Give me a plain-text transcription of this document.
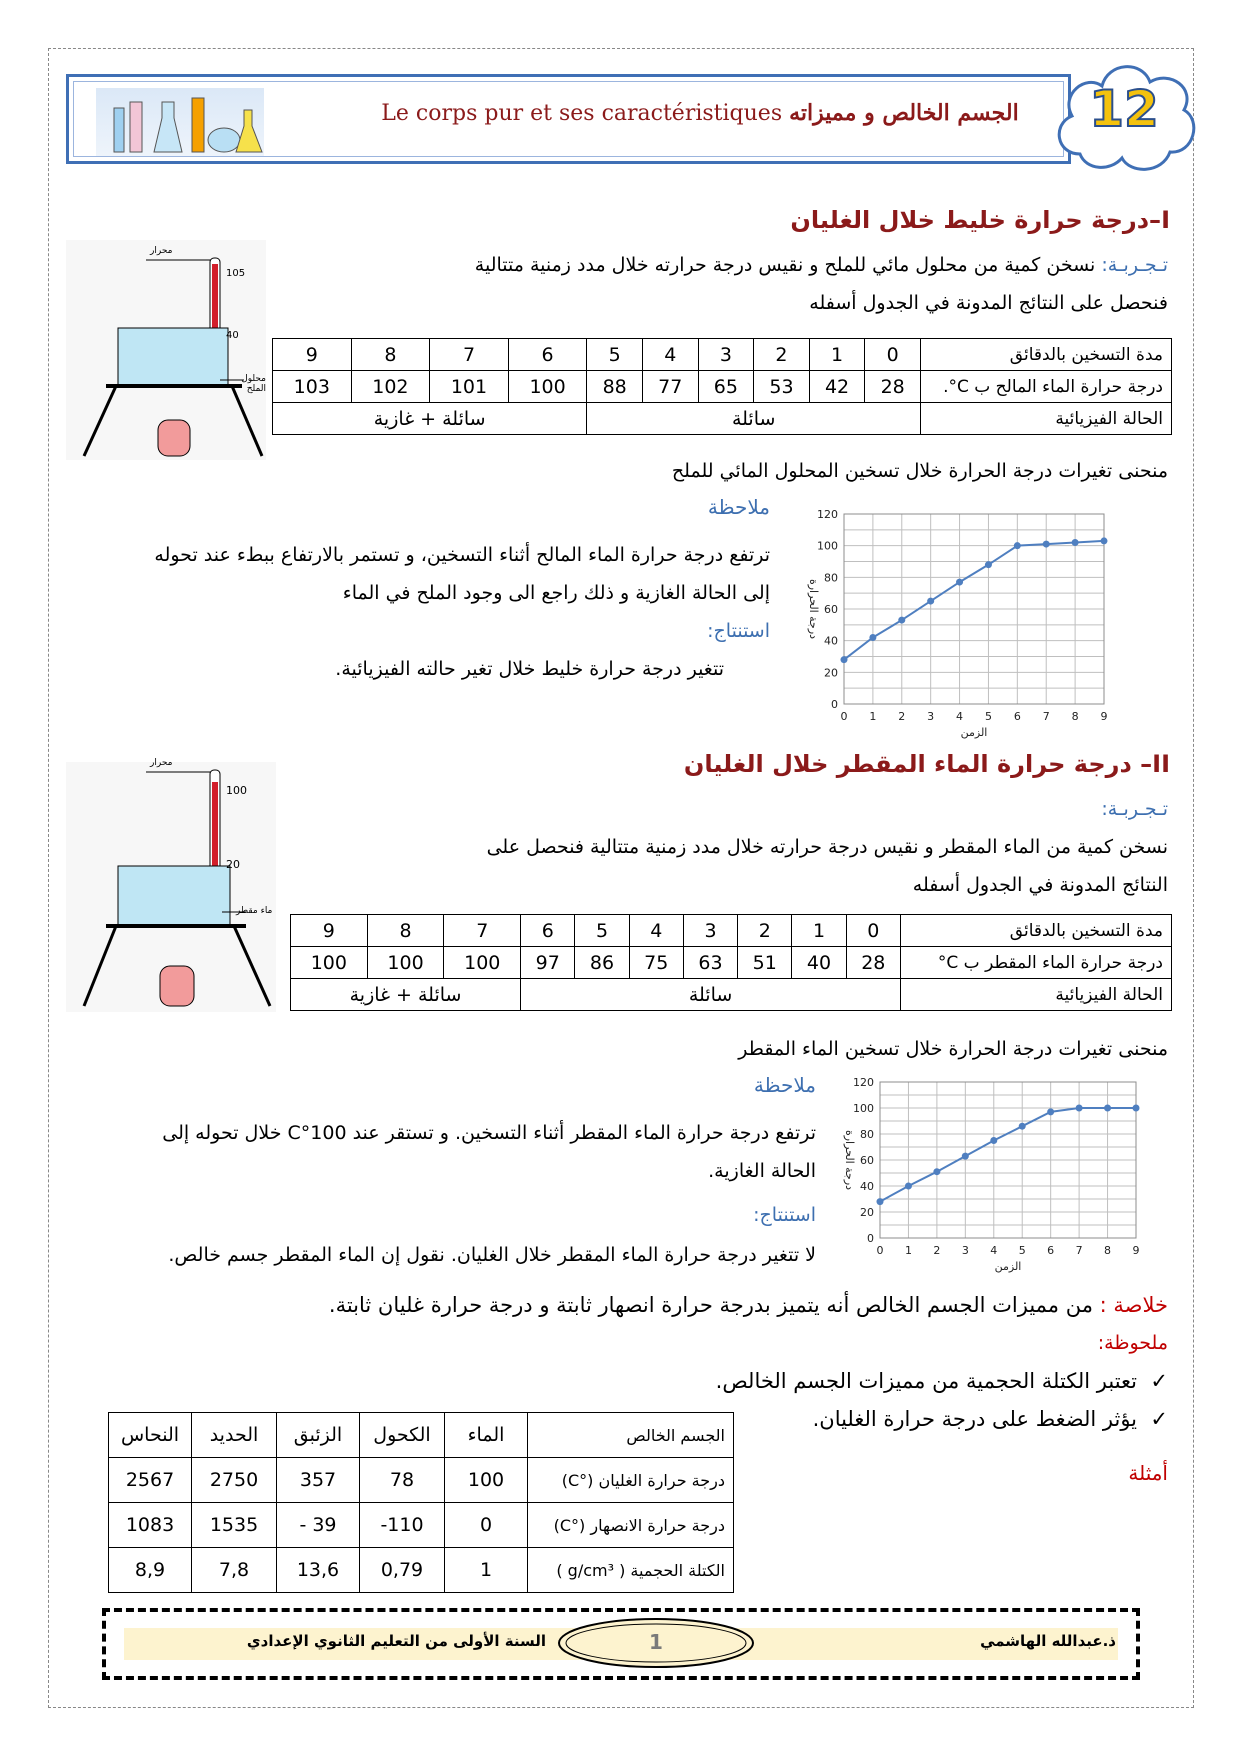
الجسم الخالص و مميزاته Le corps pur et ses caractéristiques	12
I–درجة حرارة خليط خلال الغليان
تـجـربـة: نسخن كمية من محلول مائي للملح و نقيس درجة حرارته خلال مدد زمنية متتالية
فنحصل على النتائج المدونة في الجدول أسفله
محرار
105
40
محلول الملح
9	8	7	6	5	4	3	2	1	0	مدة التسخين بالدقائق
103	102	101	100	88	77	65	53	42	28	درجة حرارة الماء المالح ب C°.
سائلة + غازية				سائلة						الحالة الفيزيائية
منحنى تغيرات درجة الحرارة خلال تسخين المحلول المائي للملح
0
20
40
60
80
100
120
0 1 2 3 4 5 6 7 8 9
الزمن
درجة الحرارة
ملاحظة
ترتفع درجة حرارة الماء المالح أثناء التسخين، و تستمر بالارتفاع ببطء عند تحوله
إلى الحالة الغازية و ذلك راجع الى وجود الملح في الماء
استنتاج:
تتغير درجة حرارة خليط خلال تغير حالته الفيزيائية.
II– درجة حرارة الماء المقطر خلال الغليان
تـجـربـة:
نسخن كمية من الماء المقطر و نقيس درجة حرارته خلال مدد زمنية متتالية فنحصل على
النتائج المدونة في الجدول أسفله
محرار
100
20
ماء مقطر
9	8	7	6	5	4	3	2	1	0	مدة التسخين بالدقائق
100	100	100	97	86	75	63	51	40	28	درجة حرارة الماء المقطر ب C°
سائلة + غازية			سائلة							الحالة الفيزيائية
منحنى تغيرات درجة الحرارة خلال تسخين الماء المقطر
0
20
40
60
80
100
120
0 1 2 3 4 5 6 7 8 9
الزمن
درجة الحرارة
ملاحظة
ترتفع درجة حرارة الماء المقطر أثناء التسخين. و تستقر عند 100°C خلال تحوله إلى
الحالة الغازية.
استنتاج:
لا تتغير درجة حرارة الماء المقطر خلال الغليان. نقول إن الماء المقطر جسم خالص.
خلاصة : من مميزات الجسم الخالص أنه يتميز بدرجة حرارة انصهار ثابتة و درجة حرارة غليان ثابتة.
ملحوظة:
✓  تعتبر الكتلة الحجمية من مميزات الجسم الخالص.
✓  يؤثر الضغط على درجة حرارة الغليان.
أمثلة
النحاس	الحديد	الزئبق	الكحول	الماء	الجسم الخالص
2567	2750	357	78	100	درجة حرارة الغليان (°C)
1083	1535	- 39	-110	0	درجة حرارة الانصهار (°C)
8,9	7,8	13,6	0,79	1	الكتلة الحجمية ( g/cm³ )
1
السنة الأولى من التعليم الثانوي الإعدادي	ذ.عبدالله الهاشمي
